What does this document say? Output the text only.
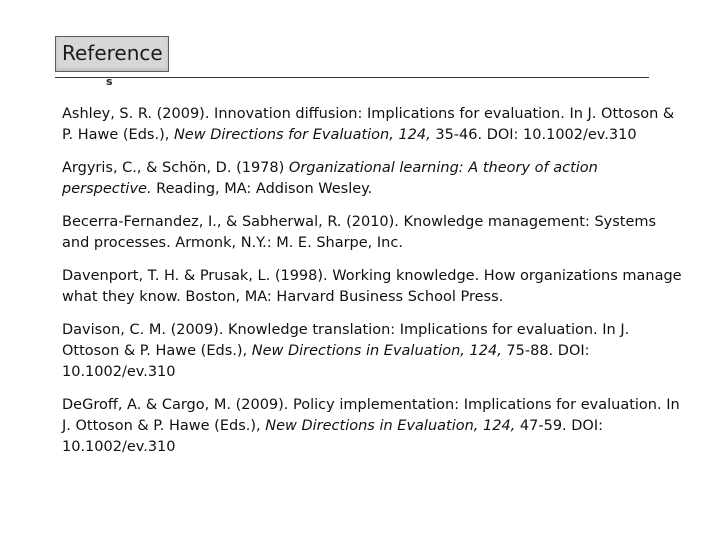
Reference
s

Ashley, S. R. (2009). Innovation diffusion: Implications for evaluation. In J. Ottoson & P. Hawe (Eds.), New Directions for Evaluation, 124, 35-46. DOI: 10.1002/ev.310

Argyris, C., & Schön, D. (1978) Organizational learning: A theory of action perspective. Reading, MA: Addison Wesley.

Becerra-Fernandez, I., & Sabherwal, R. (2010). Knowledge management: Systems and processes. Armonk, N.Y.: M. E. Sharpe, Inc.

Davenport, T. H. & Prusak, L. (1998). Working knowledge. How organizations manage what they know. Boston, MA: Harvard Business School Press.

Davison, C. M. (2009). Knowledge translation: Implications for evaluation. In J. Ottoson & P. Hawe (Eds.), New Directions in Evaluation, 124, 75-88. DOI: 10.1002/ev.310

DeGroff, A. & Cargo, M. (2009). Policy implementation: Implications for evaluation. In J. Ottoson & P. Hawe (Eds.), New Directions in Evaluation, 124, 47-59. DOI: 10.1002/ev.310
